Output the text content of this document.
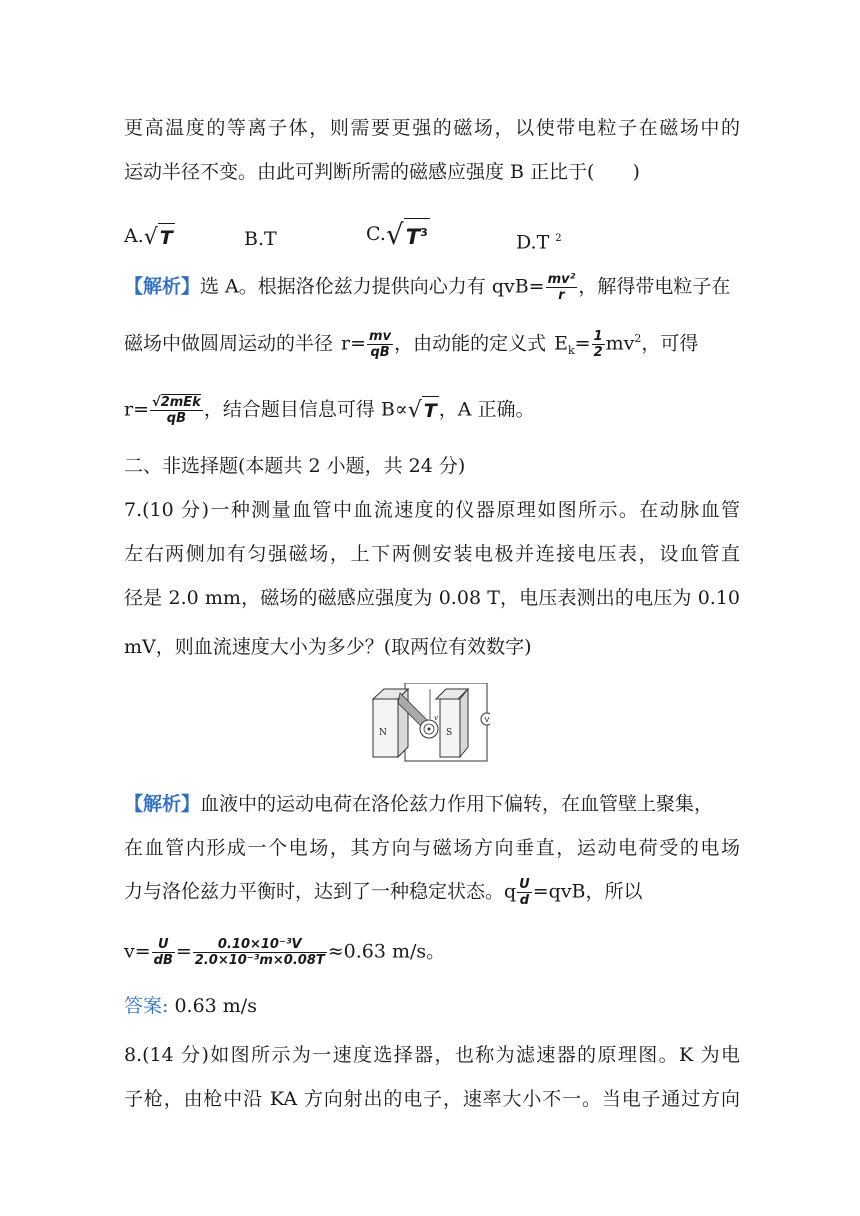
更高温度的等离子体，则需要更强的磁场，以使带电粒子在磁场中的
运动半径不变。由此可判断所需的磁感应强度 B 正比于(　　)
A.√ T	B.T	$C.√T^3$	D.T $^2$
【解析】选 A。根据洛伦兹力提供向心力有 $qvB= \frac{\text{mv²}}{r}$ ，解得带电粒子在
磁场中做圆周运动的半径 $r= \frac{mv}{qB}$ ，由动能的定义式 $E_k= \frac{1}{2} mv^2$，可得
$r= \frac{\text{√2mEk}}{qB}$ ，结合题目信息可得 B∝√ T ，A 正确。
二、非选择题(本题共 2 小题，共 24 分)
7.(10 分)一种测量血管中血流速度的仪器原理如图所示。在动脉血管
左右两侧加有匀强磁场，上下两侧安装电极并连接电压表，设血管直
径是 2.0 mm，磁场的磁感应强度为 0.08 T，电压表测出的电压为 0.10
mV，则血流速度大小为多少？(取两位有效数字)
N	S
V
v
【解析】血液中的运动电荷在洛伦兹力作用下偏转，在血管壁上聚集，
在血管内形成一个电场，其方向与磁场方向垂直，运动电荷受的电场
力与洛伦兹力平衡时，达到了一种稳定状态。q $\frac{U}{d} =qvB$，所以
$v= \frac{U}{dB} = \frac{\text{0.10×10⁻³V}}{\text{2.0×10⁻³m×0.08T}} \approx 0.63$ m/s。
答案: 0.63 m/s
8.(14 分)如图所示为一速度选择器，也称为滤速器的原理图。K 为电
子枪，由枪中沿 KA 方向射出的电子，速率大小不一。当电子通过方向
